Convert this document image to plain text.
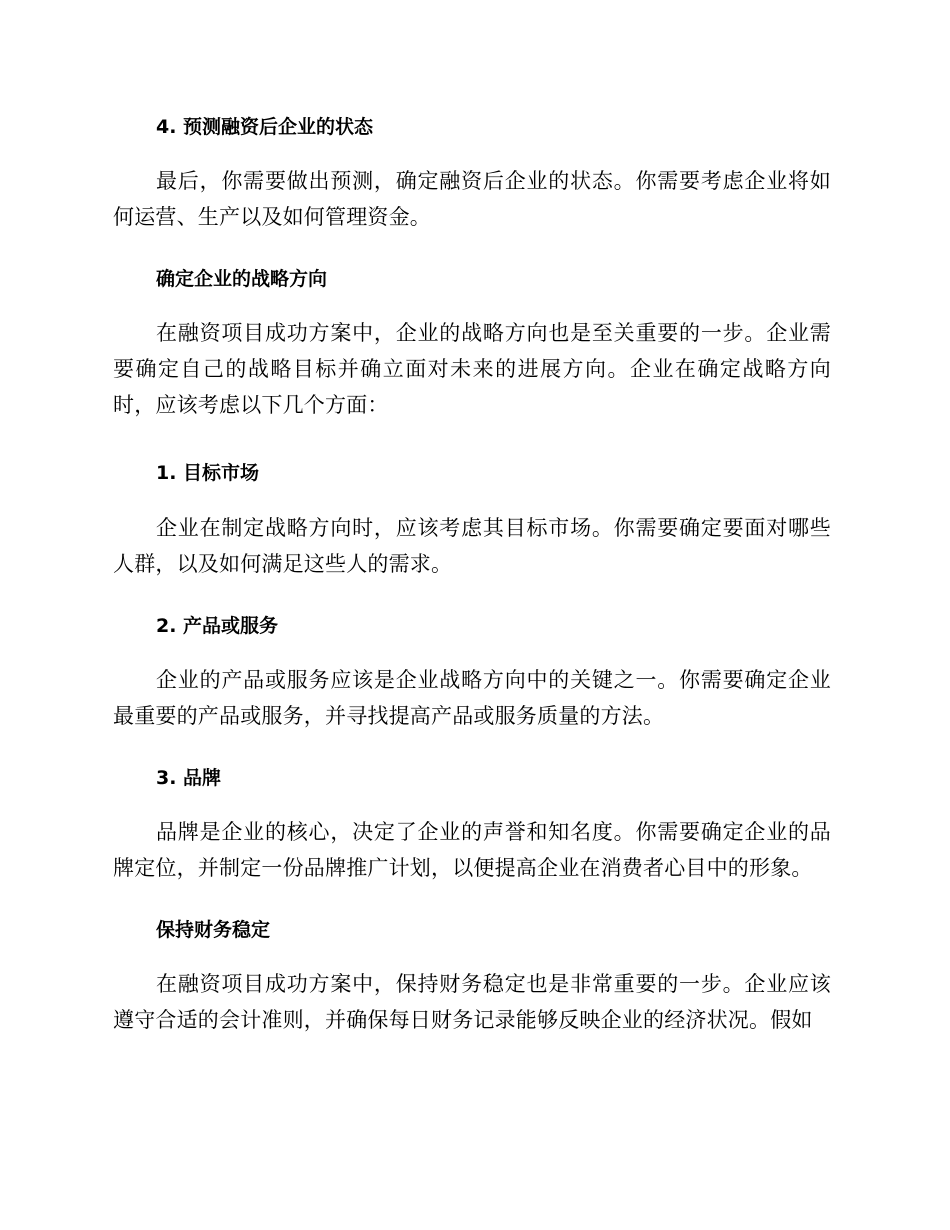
4. 预测融资后企业的状态
最后，你需要做出预测，确定融资后企业的状态。你需要考虑企业将如何运营、生产以及如何管理资金。
确定企业的战略方向
在融资项目成功方案中，企业的战略方向也是至关重要的一步。企业需要确定自己的战略目标并确立面对未来的进展方向。企业在确定战略方向时，应该考虑以下几个方面：
1. 目标市场
企业在制定战略方向时，应该考虑其目标市场。你需要确定要面对哪些人群，以及如何满足这些人的需求。
2. 产品或服务
企业的产品或服务应该是企业战略方向中的关键之一。你需要确定企业最重要的产品或服务，并寻找提高产品或服务质量的方法。
3. 品牌
品牌是企业的核心，决定了企业的声誉和知名度。你需要确定企业的品牌定位，并制定一份品牌推广计划，以便提高企业在消费者心目中的形象。
保持财务稳定
在融资项目成功方案中，保持财务稳定也是非常重要的一步。企业应该遵守合适的会计准则，并确保每日财务记录能够反映企业的经济状况。假如
